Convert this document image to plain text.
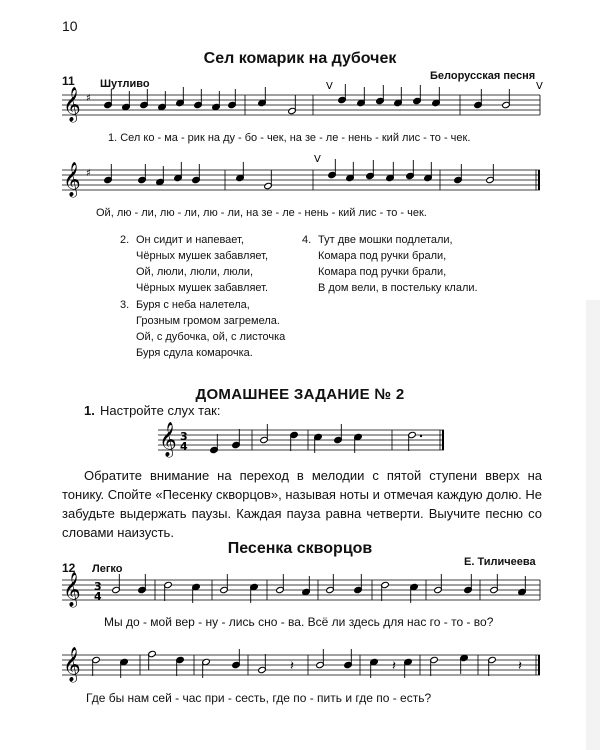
10
Сел комарик на дубочек
11 Шутливо
Белорусская песня
𝄞
𝄞
𝄞
𝄞
𝄞
♯
V	V
♯
V
3
4
3
4
𝄽	𝄽	𝄽
1. Сел ко - ма - рик на ду - бо - чек, на зе - ле - нень - кий лис - то - чек.
Ой, лю - ли, лю - ли, лю - ли, на зе - ле - нень - кий лис - то - чек.
2. Он сидит и напевает,
Чёрных мушек забавляет,
Ой, люли, люли, люли,
Чёрных мушек забавляет.
3. Буря с неба налетела,
Грозным громом загремела.
Ой, с дубочка, ой, с листочка
Буря сдула комарочка.
4. Тут две мошки подлетали,
Комара под ручки брали,
Комара под ручки брали,
В дом вели, в постельку клали.
ДОМАШНЕЕ ЗАДАНИЕ № 2
1. Настройте слух так:
Обратите внимание на переход в мелодии с пятой ступени вверх на тонику. Спойте «Песенку скворцов», называя ноты и отмечая каждую долю. Не забудьте выдержать паузы. Каждая пауза равна четверти. Выучите песню со словами наизусть.
Песенка скворцов
12 Легко
Е. Тиличеева
Мы до - мой вер - ну - лись сно - ва. Всё ли здесь для нас го - то - во?
Где бы нам сей - час при - сесть, где по - пить и где по - есть?
